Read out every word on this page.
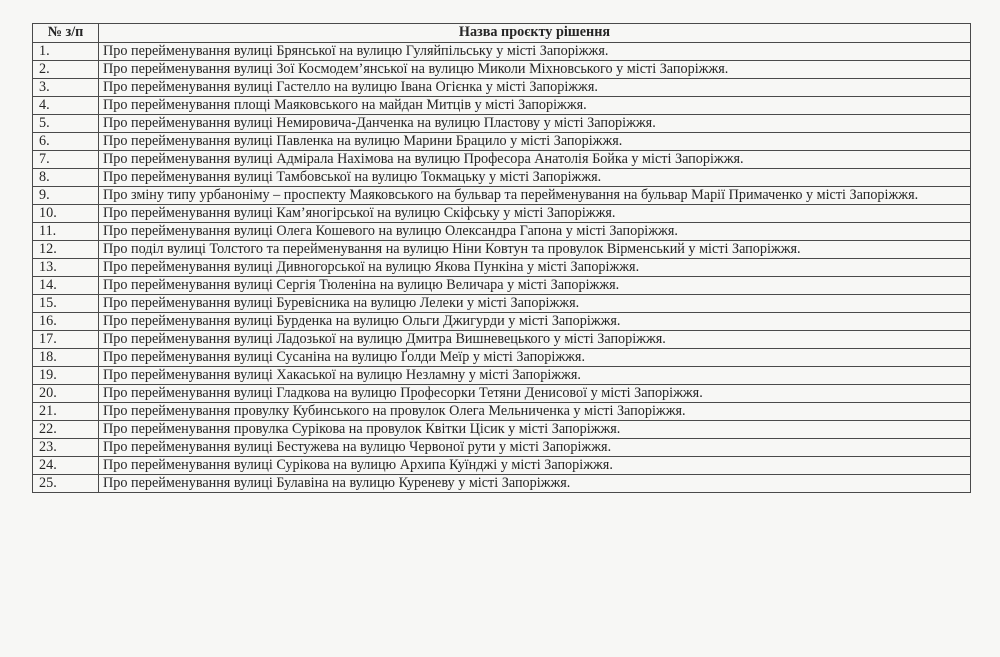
№ з/п	Назва проєкту рішення
1.	Про перейменування вулиці Брянської на вулицю Гуляйпільську у місті Запоріжжя.
2.	Про перейменування вулиці Зої Космодем’янської на вулицю Миколи Міхновського у місті Запоріжжя.
3.	Про перейменування вулиці Гастелло на вулицю Івана Огієнка у місті Запоріжжя.
4.	Про перейменування площі Маяковського на майдан Митців у місті Запоріжжя.
5.	Про перейменування вулиці Немировича-Данченка на вулицю Пластову у місті Запоріжжя.
6.	Про перейменування вулиці Павленка на вулицю Марини Брацило у місті Запоріжжя.
7.	Про перейменування вулиці Адмірала Нахімова на вулицю Професора Анатолія Бойка у місті Запоріжжя.
8.	Про перейменування вулиці Тамбовської на вулицю Токмацьку у місті Запоріжжя.
9.	Про зміну типу урбаноніму – проспекту Маяковського на бульвар та перейменування на бульвар Марії Примаченко у місті Запоріжжя.
10.	Про перейменування вулиці Кам’яногірської на вулицю Скіфську у місті Запоріжжя.
11.	Про перейменування вулиці Олега Кошевого на вулицю Олександра Гапона у місті Запоріжжя.
12.	Про поділ вулиці Толстого та перейменування на вулицю Ніни Ковтун та провулок Вірменський у місті Запоріжжя.
13.	Про перейменування вулиці Дивногорської на вулицю Якова Пункіна у місті Запоріжжя.
14.	Про перейменування вулиці Сергія Тюленіна на вулицю Величара у місті Запоріжжя.
15.	Про перейменування вулиці Буревісника на вулицю Лелеки у місті Запоріжжя.
16.	Про перейменування вулиці Бурденка на вулицю Ольги Джигурди у місті Запоріжжя.
17.	Про перейменування вулиці Ладозької на вулицю Дмитра Вишневецького у місті Запоріжжя.
18.	Про перейменування вулиці Сусаніна на вулицю Ґолди Меїр у місті Запоріжжя.
19.	Про перейменування вулиці Хакаської на вулицю Незламну у місті Запоріжжя.
20.	Про перейменування вулиці Гладкова на вулицю Професорки Тетяни Денисової у місті Запоріжжя.
21.	Про перейменування провулку Кубинського на провулок Олега Мельниченка у місті Запоріжжя.
22.	Про перейменування провулка Сурікова на провулок Квітки Цісик у місті Запоріжжя.
23.	Про перейменування вулиці Бестужева на вулицю Червоної рути у місті Запоріжжя.
24.	Про перейменування вулиці Сурікова на вулицю Архипа Куїнджі у місті Запоріжжя.
25.	Про перейменування вулиці Булавіна на вулицю Куреневу у місті Запоріжжя.
